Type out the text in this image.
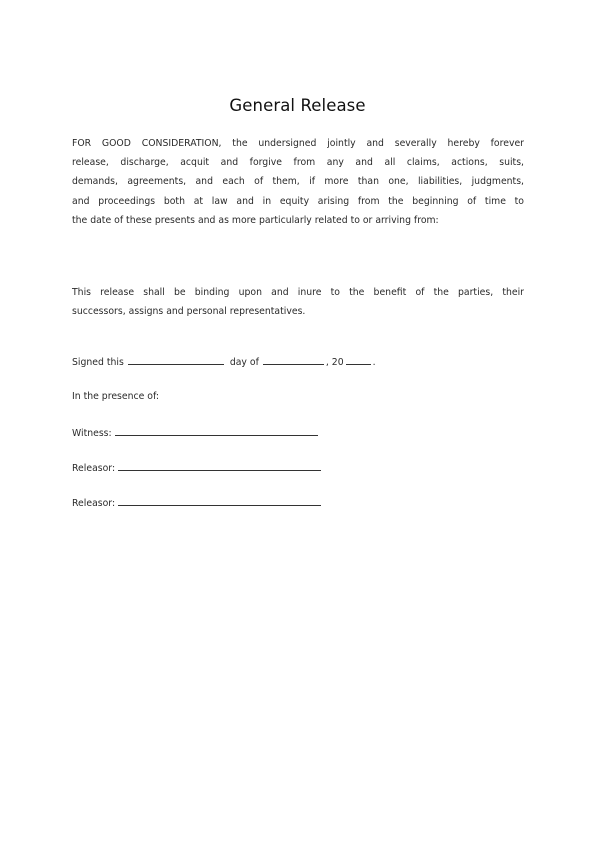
General Release
FOR GOOD CONSIDERATION, the undersigned jointly and severally hereby forever
release, discharge, acquit and forgive from any and all claims, actions, suits,
demands, agreements, and each of them, if more than one, liabilities, judgments,
and proceedings both at law and in equity arising from the beginning of time to
the date of these presents and as more particularly related to or arriving from:
This release shall be binding upon and inure to the benefit of the parties, their
successors, assigns and personal representatives.
Signed this	day of	, 20	.
In the presence of:
Witness:
Releasor:
Releasor:
